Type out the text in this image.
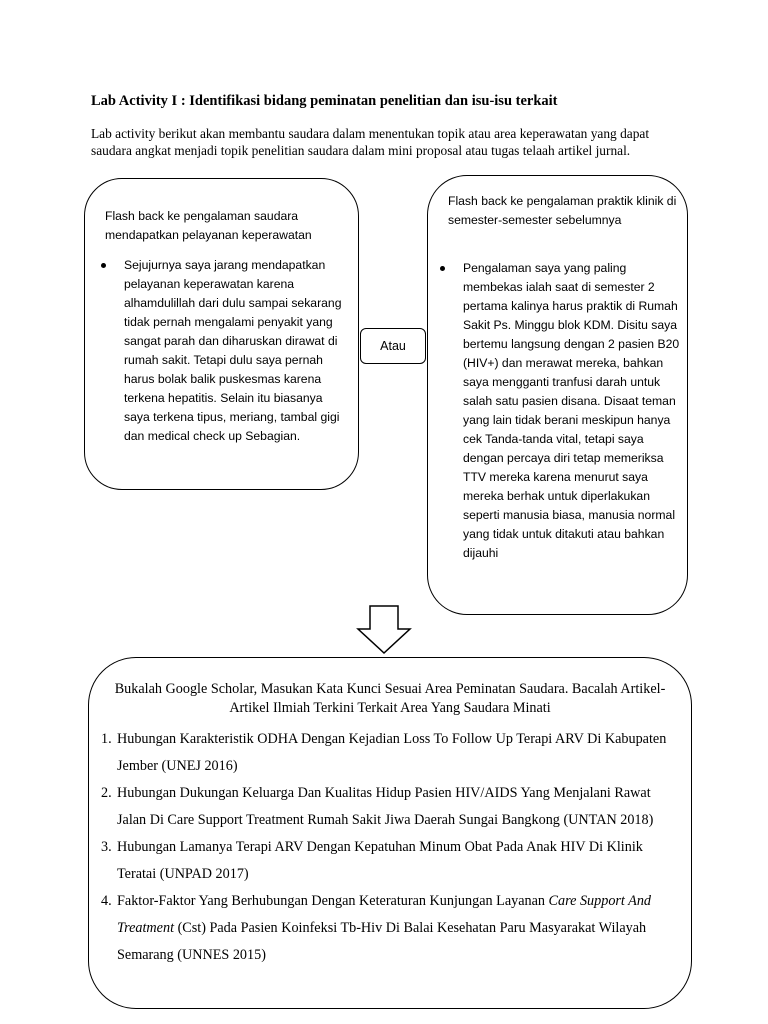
Lab Activity I : Identifikasi bidang peminatan penelitian dan isu-isu terkait
Lab activity berikut akan membantu saudara dalam menentukan topik atau area keperawatan yang dapat saudara angkat menjadi topik penelitian saudara dalam mini proposal atau tugas telaah artikel jurnal.
Flash back ke pengalaman saudara mendapatkan pelayanan keperawatan
Sejujurnya saya jarang mendapatkan pelayanan keperawatan karena alhamdulillah dari dulu sampai sekarang tidak pernah mengalami penyakit yang sangat parah dan diharuskan dirawat di rumah sakit. Tetapi dulu saya pernah harus bolak balik puskesmas karena terkena hepatitis. Selain itu biasanya saya terkena tipus, meriang, tambal gigi dan medical check up Sebagian.
Atau
Flash back ke pengalaman praktik klinik di semester-semester sebelumnya
Pengalaman saya yang paling membekas ialah saat di semester 2 pertama kalinya harus praktik di Rumah Sakit Ps. Minggu blok KDM. Disitu saya bertemu langsung dengan 2 pasien B20 (HIV+) dan merawat mereka, bahkan saya mengganti tranfusi darah untuk salah satu pasien disana. Disaat teman yang lain tidak berani meskipun hanya cek Tanda-tanda vital, tetapi saya dengan percaya diri tetap memeriksa TTV mereka karena menurut saya mereka berhak untuk diperlakukan seperti manusia biasa, manusia normal yang tidak untuk ditakuti atau bahkan dijauhi
Bukalah Google Scholar, Masukan Kata Kunci Sesuai Area Peminatan Saudara. Bacalah Artikel-Artikel Ilmiah Terkini Terkait Area Yang Saudara Minati
1. Hubungan Karakteristik ODHA Dengan Kejadian Loss To Follow Up Terapi ARV Di Kabupaten Jember (UNEJ 2016)
2. Hubungan Dukungan Keluarga Dan Kualitas Hidup Pasien HIV/AIDS Yang Menjalani Rawat Jalan Di Care Support Treatment Rumah Sakit Jiwa Daerah Sungai Bangkong (UNTAN 2018)
3. Hubungan Lamanya Terapi ARV Dengan Kepatuhan Minum Obat Pada Anak HIV Di Klinik Teratai (UNPAD 2017)
4. Faktor-Faktor Yang Berhubungan Dengan Keteraturan Kunjungan Layanan Care Support And Treatment (Cst) Pada Pasien Koinfeksi Tb-Hiv Di Balai Kesehatan Paru Masyarakat Wilayah Semarang (UNNES 2015)
